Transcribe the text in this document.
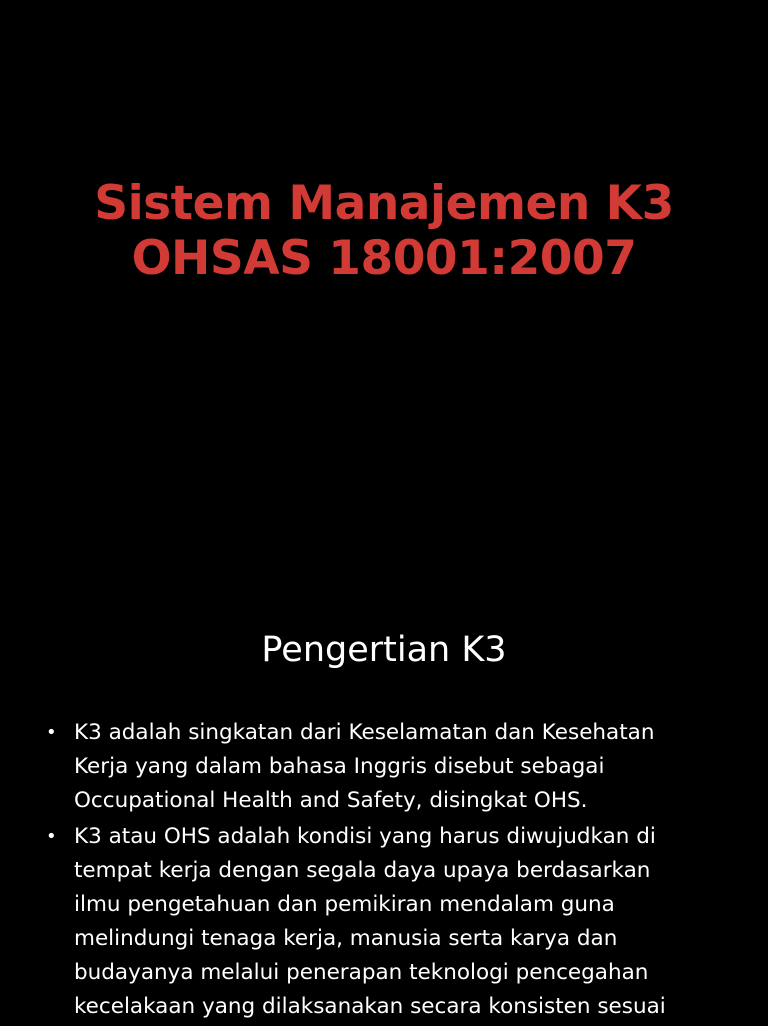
Sistem Manajemen K3
OHSAS 18001:2007
Pengertian K3
• K3 adalah singkatan dari Keselamatan dan Kesehatan
Kerja yang dalam bahasa Inggris disebut sebagai
Occupational Health and Safety, disingkat OHS.
• K3 atau OHS adalah kondisi yang harus diwujudkan di
tempat kerja dengan segala daya upaya berdasarkan
ilmu pengetahuan dan pemikiran mendalam guna
melindungi tenaga kerja, manusia serta karya dan
budayanya melalui penerapan teknologi pencegahan
kecelakaan yang dilaksanakan secara konsisten sesuai
